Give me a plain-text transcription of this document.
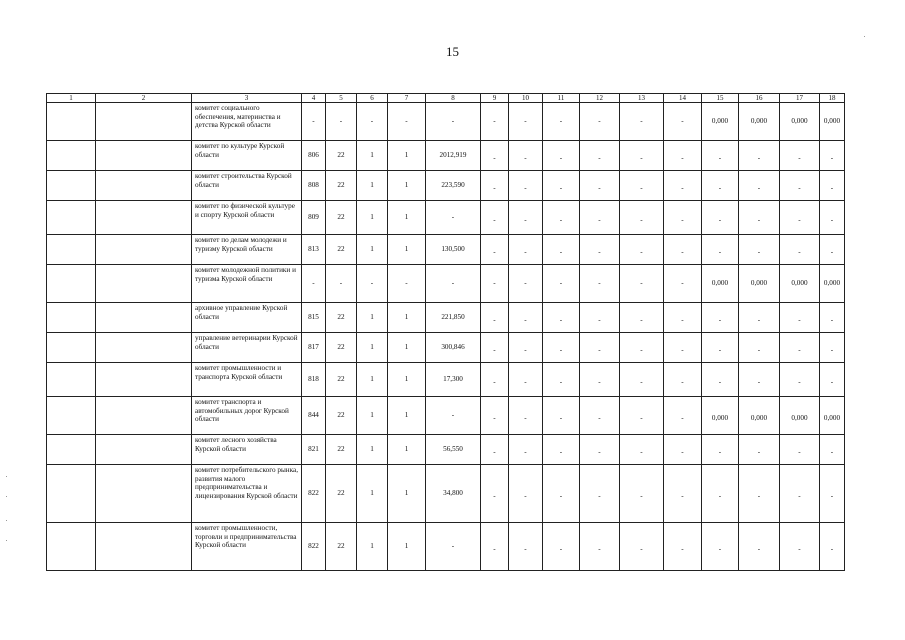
15
1	2	3	4	5	6	7	8	9	10	11	12	13	14	15	16	17	18
		комитет социального обеспечения, материнства и детства Курской области	-	-	-	-	-	-	-	-	-	-	-	0,000	0,000	0,000	0,000
		комитет по культуре Курской области	806	22	1	1	2012,919	-	-	-	-	-	-	-	-	-	-
		комитет строительства Курской области	808	22	1	1	223,590	-	-	-	-	-	-	-	-	-	-
		комитет по физической культуре и спорту Курской области	809	22	1	1	-	-	-	-	-	-	-	-	-	-	-
		комитет по делам молодежи и туризму Курской области	813	22	1	1	130,500	-	-	-	-	-	-	-	-	-	-
		комитет молодежной политики и туризма Курской области	-	-	-	-	-	-	-	-	-	-	-	0,000	0,000	0,000	0,000
		архивное управление Курской области	815	22	1	1	221,850	-	-	-	-	-	-	-	-	-	-
		управление ветеринарии Курской области	817	22	1	1	300,846	-	-	-	-	-	-	-	-	-	-
		комитет промышленности и транспорта Курской области	818	22	1	1	17,300	-	-	-	-	-	-	-	-	-	-
		комитет транспорта и автомобильных дорог Курской области	844	22	1	1	-	-	-	-	-	-	-	0,000	0,000	0,000	0,000
		комитет лесного хозяйства Курской области	821	22	1	1	56,550	-	-	-	-	-	-	-	-	-	-
		комитет потребительского рынка, развития малого предпринимательства и лицензирования Курской области	822	22	1	1	34,800	-	-	-	-	-	-	-	-	-	-
		комитет промышленности, торговли и предпринимательства Курской области	822	22	1	1	-	-	-	-	-	-	-	-	-	-	-
